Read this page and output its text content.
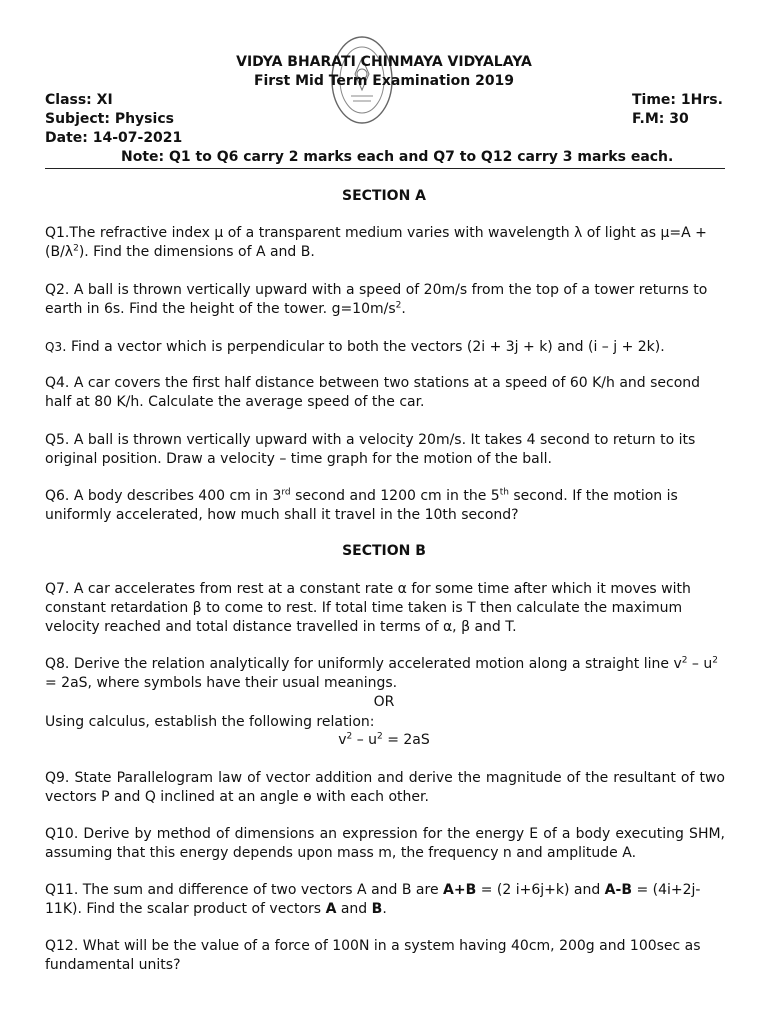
VIDYA BHARATI CHINMAYA VIDYALAYA
First Mid Term Examination 2019
Class: XI
Subject: Physics
Date: 14-07-2021
Time: 1Hrs.
F.M: 30
Note: Q1 to Q6 carry 2 marks each and Q7 to Q12 carry 3 marks each.
SECTION A

Q1.The refractive index μ of a transparent medium varies with wavelength λ of light as $\mu=A + (B/\lambda^2)$. Find the dimensions of A and B.

Q2. A ball is thrown vertically upward with a speed of 20m/s from the top of a tower returns to earth in 6s. Find the height of the tower. $g=10m/s^2$.

Q3. Find a vector which is perpendicular to both the vectors (2i + 3j + k) and (i – j + 2k).

Q4. A car covers the first half distance between two stations at a speed of 60 K/h and second half at 80 K/h. Calculate the average speed of the car.

Q5. A ball is thrown vertically upward with a velocity 20m/s. It takes 4 second to return to its original position. Draw a velocity – time graph for the motion of the ball.

Q6. A body describes 400 cm in 3rd second and 1200 cm in the 5th second. If the motion is uniformly accelerated, how much shall it travel in the 10th second?

SECTION B

Q7. A car accelerates from rest at a constant rate α for some time after which it moves with constant retardation β to come to rest. If total time taken is T then calculate the maximum velocity reached and total distance travelled in terms of α, β and T.

Q8. Derive the relation analytically for uniformly accelerated motion along a straight line $v^2 - u^2 = 2aS$, where symbols have their usual meanings.

OR

Using calculus, establish the following relation:

$v^2 - u^2 = 2aS$

Q9. State Parallelogram law of vector addition and derive the magnitude of the resultant of two vectors P and Q inclined at an angle ɵ with each other.

Q10. Derive by method of dimensions an expression for the energy E of a body executing SHM, assuming that this energy depends upon mass m, the frequency n and amplitude A.

Q11. The sum and difference of two vectors A and B are A+B = (2 i+6j+k) and A-B = (4i+2j-11K). Find the scalar product of vectors A and B.

Q12. What will be the value of a force of 100N in a system having 40cm, 200g and 100sec as fundamental units?
